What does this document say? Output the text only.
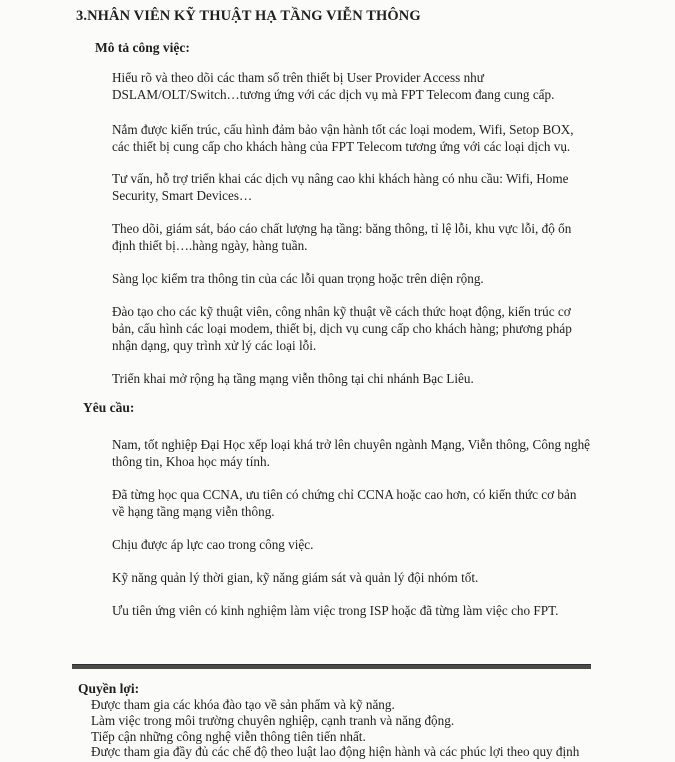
3.NHÂN VIÊN KỸ THUẬT HẠ TẦNG VIỄN THÔNG
Mô tả công việc:
Hiểu rõ và theo dõi các tham số trên thiết bị User Provider Access như DSLAM/OLT/Switch…tương ứng với các dịch vụ mà FPT Telecom đang cung cấp.
Nắm được kiến trúc, cấu hình đảm bảo vận hành tốt các loại modem, Wifi, Setop BOX, các thiết bị cung cấp cho khách hàng của FPT Telecom tương ứng với các loại dịch vụ.
Tư vấn, hỗ trợ triển khai các dịch vụ nâng cao khi khách hàng có nhu cầu: Wifi, Home Security, Smart Devices…
Theo dõi, giám sát, báo cáo chất lượng hạ tầng: băng thông, tỉ lệ lỗi, khu vực lỗi, độ ổn định thiết bị….hàng ngày, hàng tuần.
Sàng lọc kiểm tra thông tin của các lỗi quan trọng hoặc trên diện rộng.
Đào tạo cho các kỹ thuật viên, công nhân kỹ thuật về cách thức hoạt động, kiến trúc cơ bản, cấu hình các loại modem, thiết bị, dịch vụ cung cấp cho khách hàng; phương pháp nhận dạng, quy trình xử lý các loại lỗi.
Triển khai mở rộng hạ tầng mạng viễn thông tại chi nhánh Bạc Liêu.
Yêu cầu:
Nam, tốt nghiệp Đại Học xếp loại khá trở lên chuyên ngành Mạng, Viễn thông, Công nghệ thông tin, Khoa học máy tính.
Đã từng học qua CCNA, ưu tiên có chứng chỉ CCNA hoặc cao hơn, có kiến thức cơ bản về hạng tầng mạng viễn thông.
Chịu được áp lực cao trong công việc.
Kỹ năng quản lý thời gian, kỹ năng giám sát và quản lý đội nhóm tốt.
Ưu tiên ứng viên có kinh nghiệm làm việc trong ISP hoặc đã từng làm việc cho FPT.
Quyền lợi:
Được tham gia các khóa đào tạo về sản phẩm và kỹ năng.
Làm việc trong môi trường chuyên nghiệp, cạnh tranh và năng động.
Tiếp cận những công nghệ viễn thông tiên tiến nhất.
Được tham gia đầy đủ các chế độ theo luật lao động hiện hành và các phúc lợi theo quy định
